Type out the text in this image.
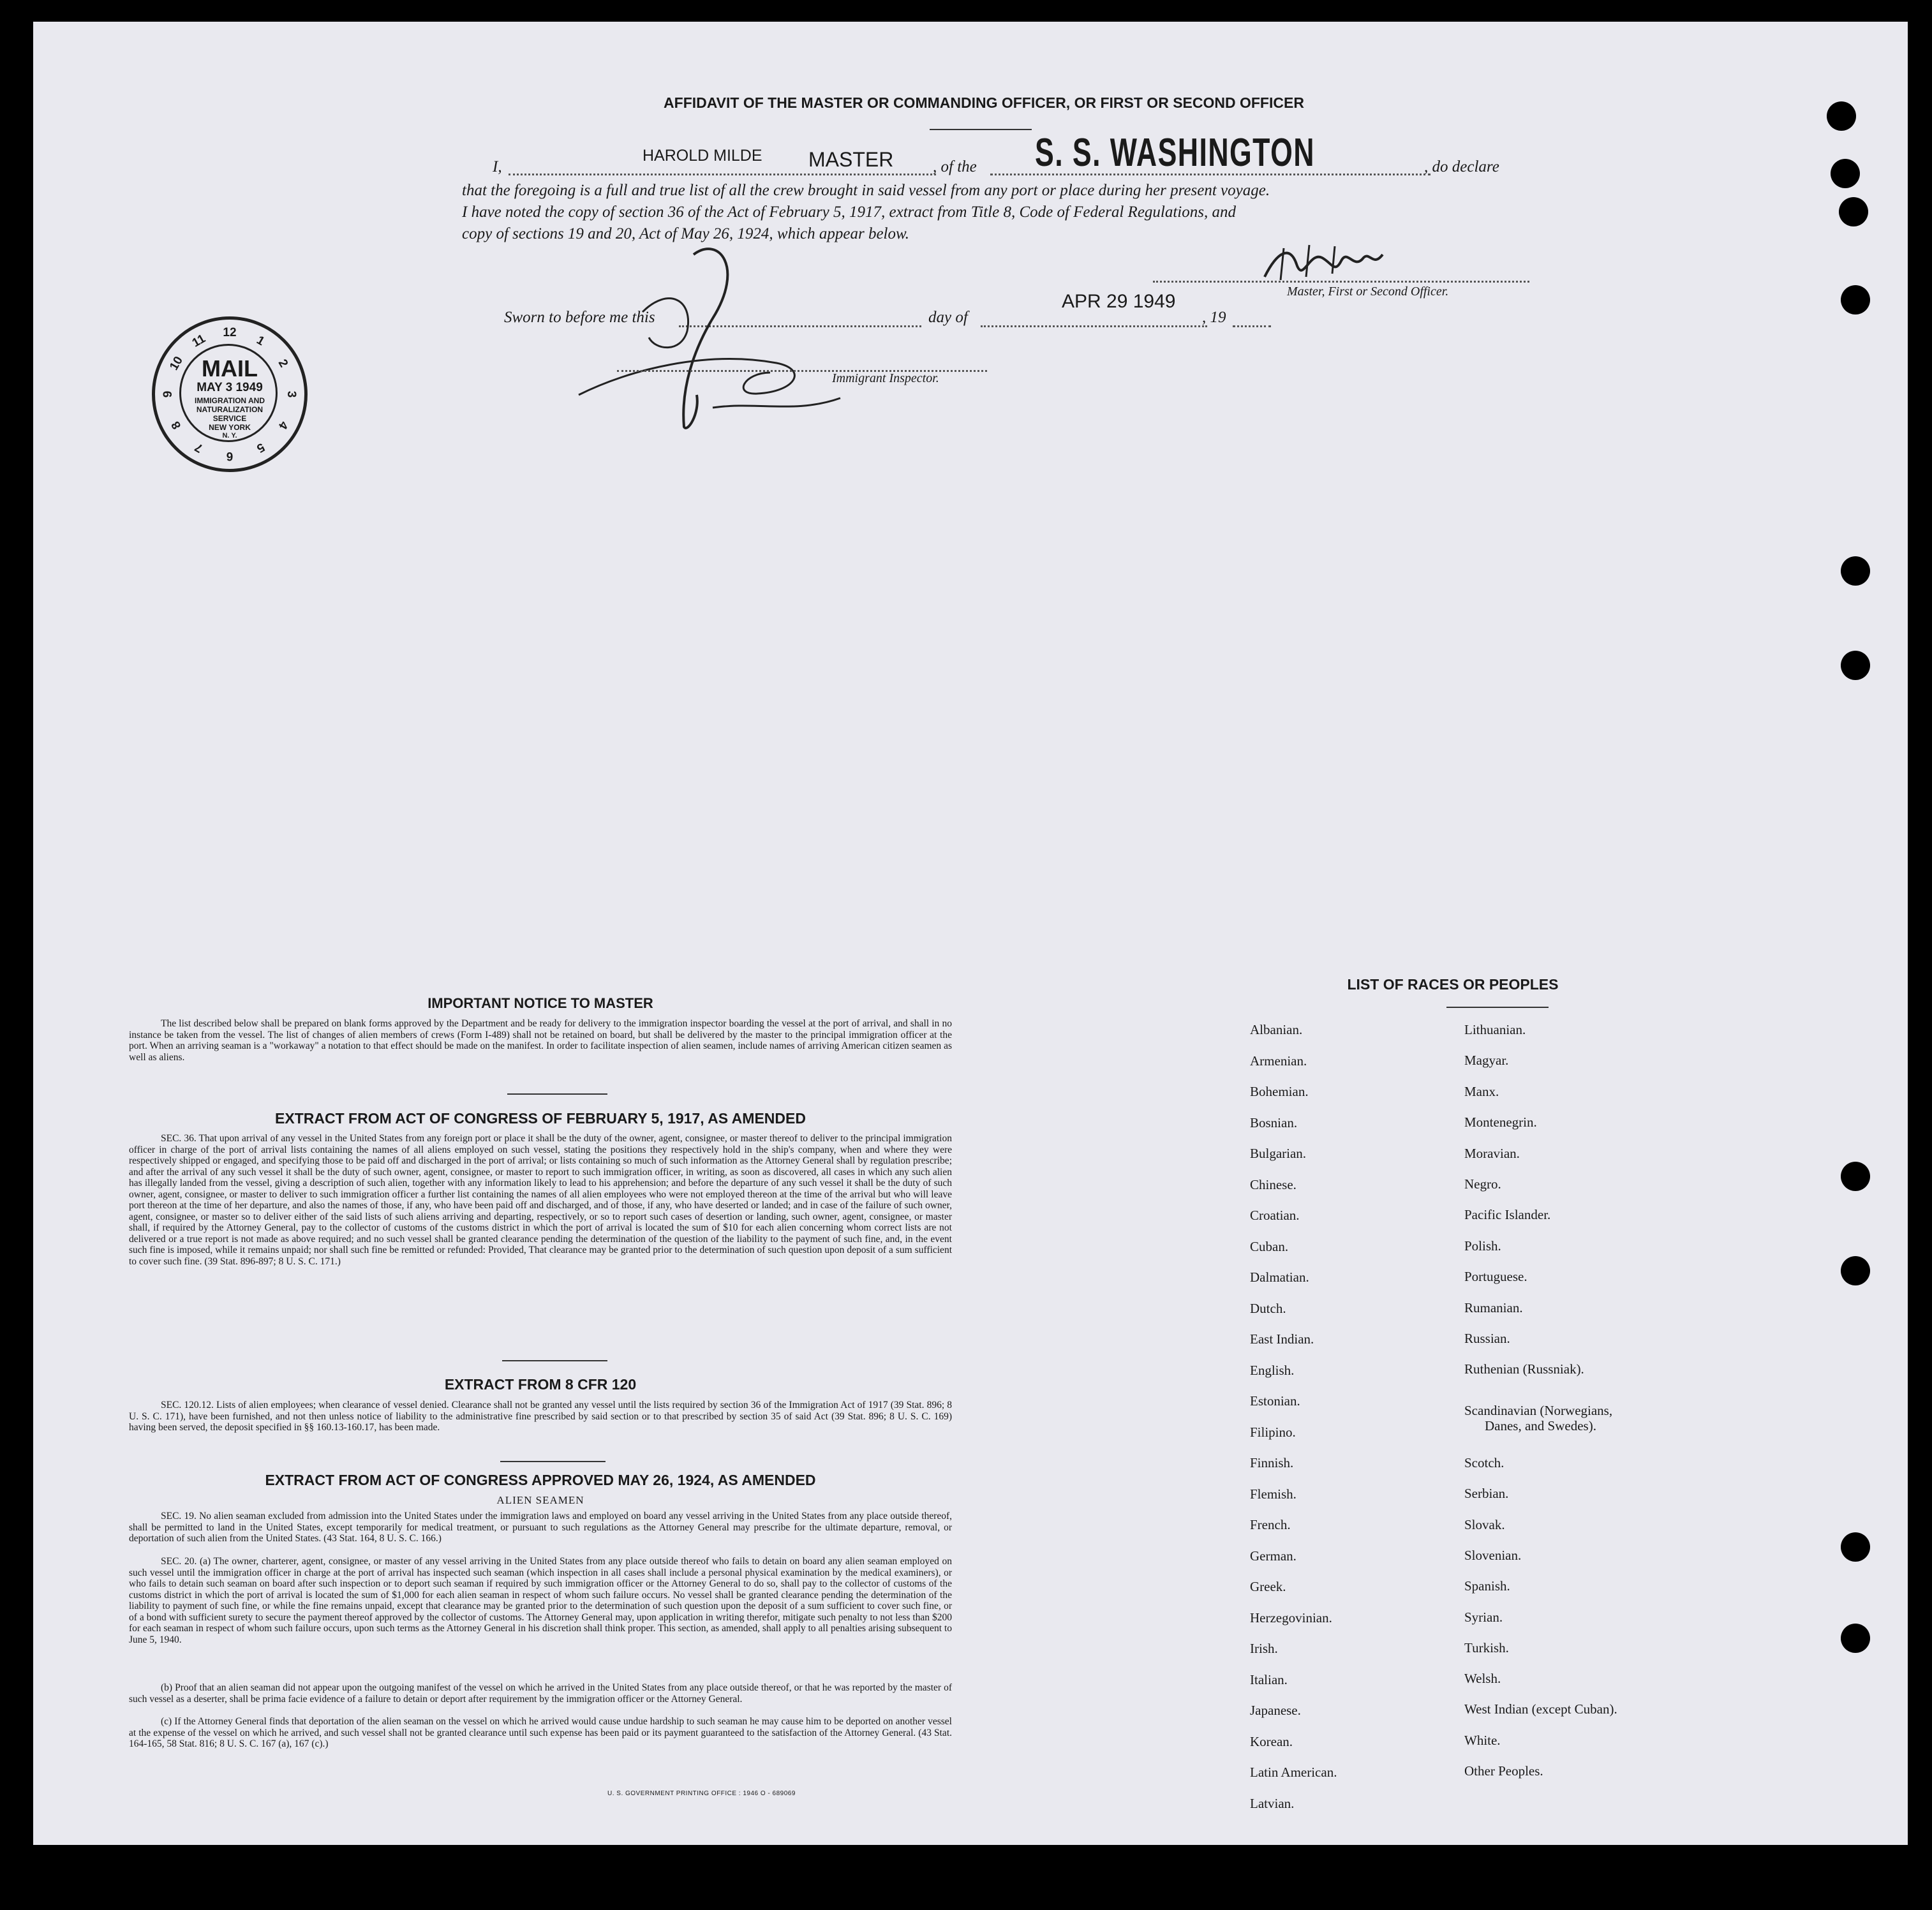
AFFIDAVIT OF THE MASTER OR COMMANDING OFFICER, OR FIRST OR SECOND OFFICER
I,
HAROLD MILDE MASTER , of the S. S. WASHINGTON	, do declare
that the foregoing is a full and true list of all the crew brought in said vessel from any port or place during her present voyage.
I have noted the copy of section 36 of the Act of February 5, 1917, extract from Title 8, Code of Federal Regulations, and
copy of sections 19 and 20, Act of May 26, 1924, which appear below.
Master, First or Second Officer.
Sworn to before me this	day of
APR 29 1949
, 19
Immigrant Inspector.
12
1
2
3
4
5
6
7
8
9
10
11
MAIL
MAY 3 1949
IMMIGRATION AND
NATURALIZATION
SERVICE
NEW YORK
N. Y.
IMPORTANT NOTICE TO MASTER
The list described below shall be prepared on blank forms approved by the Department and be ready for delivery to the immigration inspector boarding the vessel at the port of arrival, and shall in no instance be taken from the vessel. The list of changes of alien members of crews (Form I-489) shall not be retained on board, but shall be delivered by the master to the principal immigration officer at the port. When an arriving seaman is a "workaway" a notation to that effect should be made on the manifest. In order to facilitate inspection of alien seamen, include names of arriving American citizen seamen as well as aliens.
EXTRACT FROM ACT OF CONGRESS OF FEBRUARY 5, 1917, AS AMENDED
SEC. 36. That upon arrival of any vessel in the United States from any foreign port or place it shall be the duty of the owner, agent, consignee, or master thereof to deliver to the principal immigration officer in charge of the port of arrival lists containing the names of all aliens employed on such vessel, stating the positions they respectively hold in the ship's company, when and where they were respectively shipped or engaged, and specifying those to be paid off and discharged in the port of arrival; or lists containing so much of such information as the Attorney General shall by regulation prescribe; and after the arrival of any such vessel it shall be the duty of such owner, agent, consignee, or master to report to such immigration officer, in writing, as soon as discovered, all cases in which any such alien has illegally landed from the vessel, giving a description of such alien, together with any information likely to lead to his apprehension; and before the departure of any such vessel it shall be the duty of such owner, agent, consignee, or master to deliver to such immigration officer a further list containing the names of all alien employees who were not employed thereon at the time of the arrival but who will leave port thereon at the time of her departure, and also the names of those, if any, who have been paid off and discharged, and of those, if any, who have deserted or landed; and in case of the failure of such owner, agent, consignee, or master so to deliver either of the said lists of such aliens arriving and departing, respectively, or so to report such cases of desertion or landing, such owner, agent, consignee, or master shall, if required by the Attorney General, pay to the collector of customs of the customs district in which the port of arrival is located the sum of $10 for each alien concerning whom correct lists are not delivered or a true report is not made as above required; and no such vessel shall be granted clearance pending the determination of the question of the liability to the payment of such fine, and, in the event such fine is imposed, while it remains unpaid; nor shall such fine be remitted or refunded: Provided, That clearance may be granted prior to the determination of such question upon deposit of a sum sufficient to cover such fine. (39 Stat. 896-897; 8 U. S. C. 171.)
EXTRACT FROM 8 CFR 120
SEC. 120.12. Lists of alien employees; when clearance of vessel denied. Clearance shall not be granted any vessel until the lists required by section 36 of the Immigration Act of 1917 (39 Stat. 896; 8 U. S. C. 171), have been furnished, and not then unless notice of liability to the administrative fine prescribed by said section or to that prescribed by section 35 of said Act (39 Stat. 896; 8 U. S. C. 169) having been served, the deposit specified in §§ 160.13-160.17, has been made.
EXTRACT FROM ACT OF CONGRESS APPROVED MAY 26, 1924, AS AMENDED
ALIEN SEAMEN
SEC. 19. No alien seaman excluded from admission into the United States under the immigration laws and employed on board any vessel arriving in the United States from any place outside thereof, shall be permitted to land in the United States, except temporarily for medical treatment, or pursuant to such regulations as the Attorney General may prescribe for the ultimate departure, removal, or deportation of such alien from the United States. (43 Stat. 164, 8 U. S. C. 166.)
SEC. 20. (a) The owner, charterer, agent, consignee, or master of any vessel arriving in the United States from any place outside thereof who fails to detain on board any alien seaman employed on such vessel until the immigration officer in charge at the port of arrival has inspected such seaman (which inspection in all cases shall include a personal physical examination by the medical examiners), or who fails to detain such seaman on board after such inspection or to deport such seaman if required by such immigration officer or the Attorney General to do so, shall pay to the collector of customs of the customs district in which the port of arrival is located the sum of $1,000 for each alien seaman in respect of whom such failure occurs. No vessel shall be granted clearance pending the determination of the liability to payment of such fine, or while the fine remains unpaid, except that clearance may be granted prior to the determination of such question upon the deposit of a sum sufficient to cover such fine, or of a bond with sufficient surety to secure the payment thereof approved by the collector of customs. The Attorney General may, upon application in writing therefor, mitigate such penalty to not less than $200 for each seaman in respect of whom such failure occurs, upon such terms as the Attorney General in his discretion shall think proper. This section, as amended, shall apply to all penalties arising subsequent to June 5, 1940.
(b) Proof that an alien seaman did not appear upon the outgoing manifest of the vessel on which he arrived in the United States from any place outside thereof, or that he was reported by the master of such vessel as a deserter, shall be prima facie evidence of a failure to detain or deport after requirement by the immigration officer or the Attorney General.
(c) If the Attorney General finds that deportation of the alien seaman on the vessel on which he arrived would cause undue hardship to such seaman he may cause him to be deported on another vessel at the expense of the vessel on which he arrived, and such vessel shall not be granted clearance until such expense has been paid or its payment guaranteed to the satisfaction of the Attorney General. (43 Stat. 164-165, 58 Stat. 816; 8 U. S. C. 167 (a), 167 (c).)
U. S. GOVERNMENT PRINTING OFFICE : 1946 O - 689069
LIST OF RACES OR PEOPLES
Albanian.
Armenian.
Bohemian.
Bosnian.
Bulgarian.
Chinese.
Croatian.
Cuban.
Dalmatian.
Dutch.
East Indian.
English.
Estonian.
Filipino.
Finnish.
Flemish.
French.
German.
Greek.
Herzegovinian.
Irish.
Italian.
Japanese.
Korean.
Latin American.
Latvian.
Lithuanian.
Magyar.
Manx.
Montenegrin.
Moravian.
Negro.
Pacific Islander.
Polish.
Portuguese.
Rumanian.
Russian.
Ruthenian (Russniak).
Scandinavian (Norwegians,
Danes, and Swedes).
Scotch.
Serbian.
Slovak.
Slovenian.
Spanish.
Syrian.
Turkish.
Welsh.
West Indian (except Cuban).
White.
Other Peoples.
